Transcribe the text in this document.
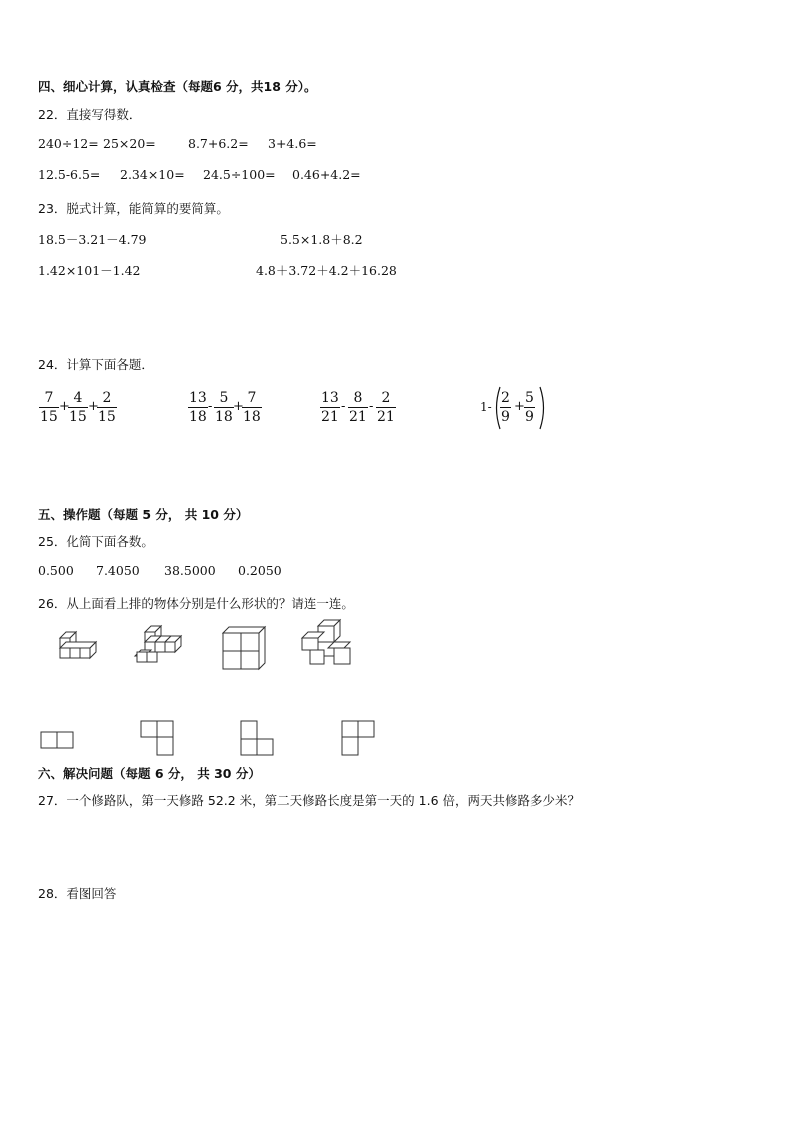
四、细心计算，认真检查（每题6 分，共18 分）。
22．直接写得数．
240÷12= 25×20=	8.7+6.2= 3+4.6=
12.5-6.5= 2.34×10= 24.5÷100= 0.46+4.2=
23．脱式计算，能简算的要简算。
18.5－3.21－4.79	5.5×1.8＋8.2
1.42×101－1.42	4.8＋3.72＋4.2＋16.28
24．计算下面各题．
7
15
+
4
15
+
2
15
13
18
-
5
18
+
7
18
13
21
-
8
21
-
2
21
1-
2
9
+
5
9
五、操作题（每题 5 分， 共 10 分）
25．化简下面各数。
0.500 7.4050 38.5000 0.2050
26．从上面看上排的物体分别是什么形状的？请连一连。
六、解决问题（每题 6 分， 共 30 分）
27．一个修路队，第一天修路 52.2 米，第二天修路长度是第一天的 1.6 倍，两天共修路多少米？
28．看图回答
